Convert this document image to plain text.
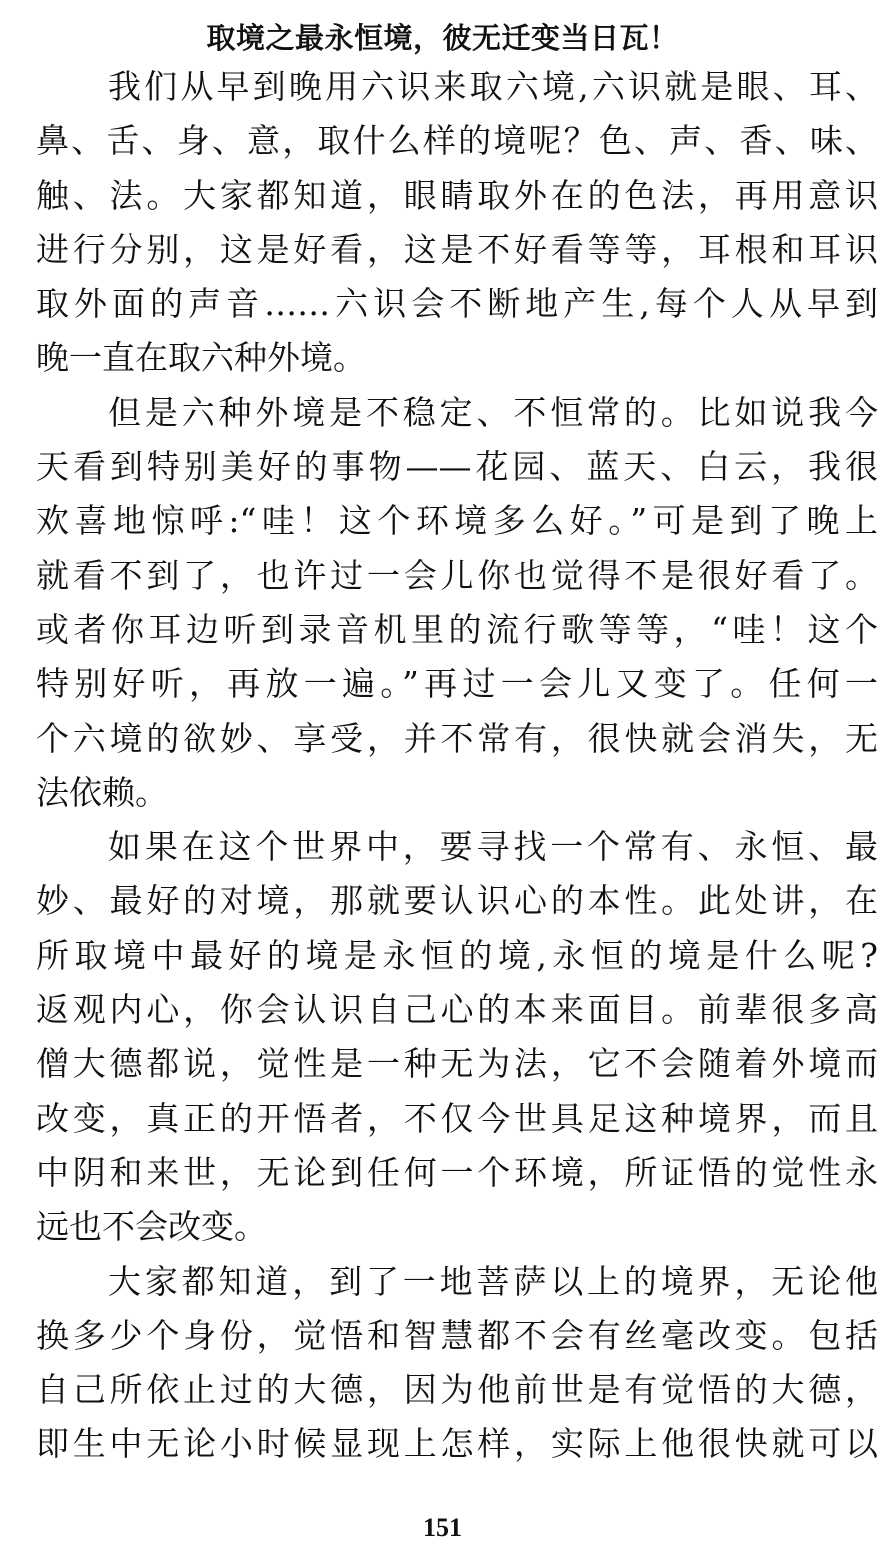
取境之最永恒境，彼无迁变当日瓦！
我们从早到晚用六识来取六境,六识就是眼、耳、
鼻、舌、身、意，取什么样的境呢？色、声、香、味、
触、法。大家都知道，眼睛取外在的色法，再用意识
进行分别，这是好看，这是不好看等等，耳根和耳识
取外面的声音……六识会不断地产生,每个人从早到
晚一直在取六种外境。
但是六种外境是不稳定、不恒常的。比如说我今
天看到特别美好的事物——花园、蓝天、白云，我很
欢喜地惊呼:“哇！这个环境多么好。”可是到了晚上
就看不到了，也许过一会儿你也觉得不是很好看了。
或者你耳边听到录音机里的流行歌等等，“哇！这个
特别好听，再放一遍。”再过一会儿又变了。任何一
个六境的欲妙、享受，并不常有，很快就会消失，无
法依赖。
如果在这个世界中，要寻找一个常有、永恒、最
妙、最好的对境，那就要认识心的本性。此处讲，在
所取境中最好的境是永恒的境,永恒的境是什么呢?
返观内心，你会认识自己心的本来面目。前辈很多高
僧大德都说，觉性是一种无为法，它不会随着外境而
改变，真正的开悟者，不仅今世具足这种境界，而且
中阴和来世，无论到任何一个环境，所证悟的觉性永
远也不会改变。
大家都知道，到了一地菩萨以上的境界，无论他
换多少个身份，觉悟和智慧都不会有丝毫改变。包括
自己所依止过的大德，因为他前世是有觉悟的大德，
即生中无论小时候显现上怎样，实际上他很快就可以
151
